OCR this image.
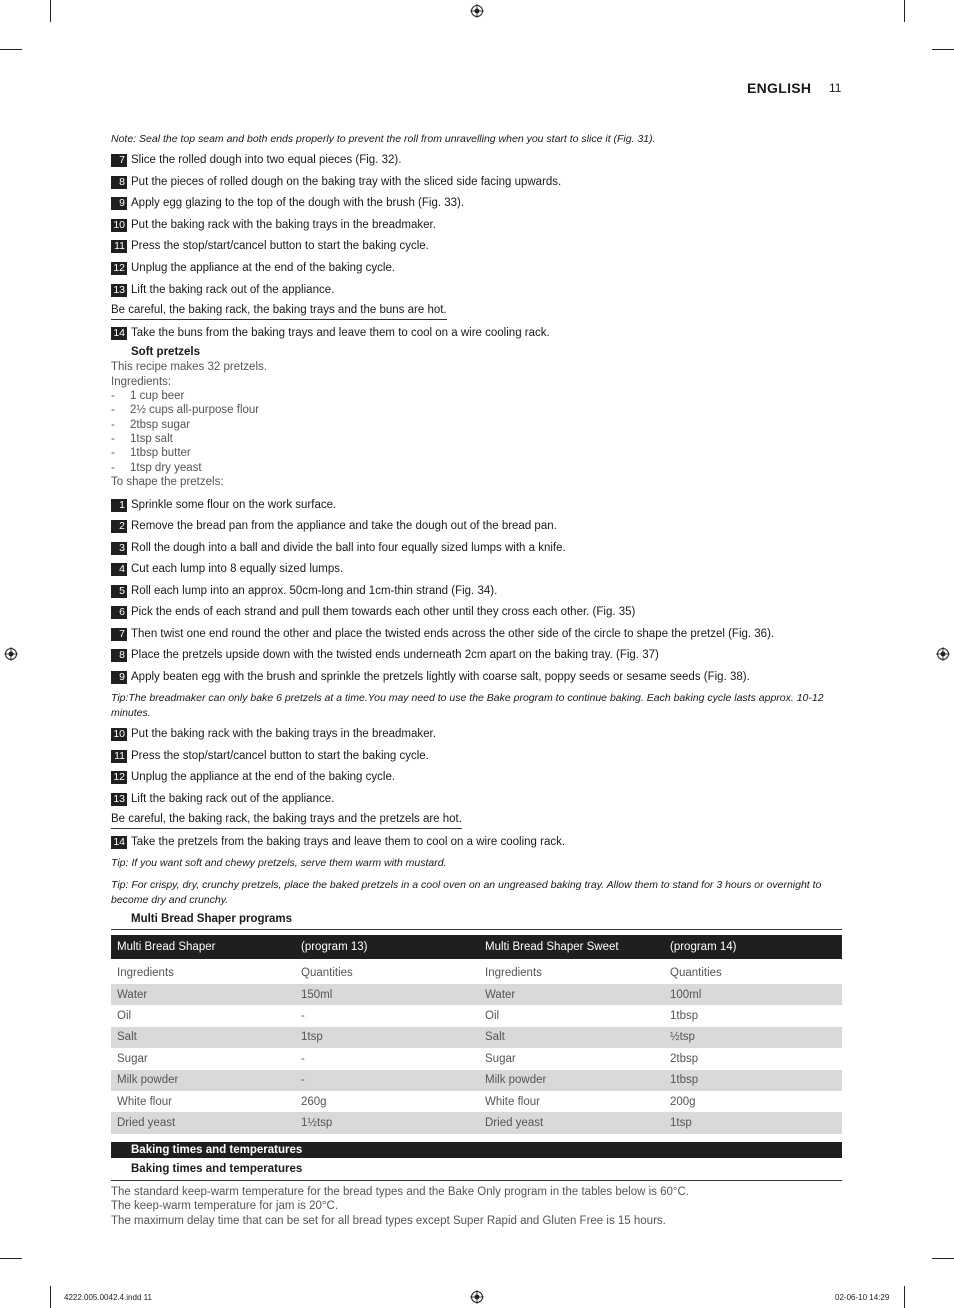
ENGLISH 11
Note: Seal the top seam and both ends properly to prevent the roll from unravelling when you start to slice it (Fig. 31).
7 Slice the rolled dough into two equal pieces (Fig. 32).
8 Put the pieces of rolled dough on the baking tray with the sliced side facing upwards.
9 Apply egg glazing to the top of the dough with the brush (Fig. 33).
10 Put the baking rack with the baking trays in the breadmaker.
11 Press the stop/start/cancel button to start the baking cycle.
12 Unplug the appliance at the end of the baking cycle.
13 Lift the baking rack out of the appliance.
Be careful, the baking rack, the baking trays and the buns are hot.
14 Take the buns from the baking trays and leave them to cool on a wire cooling rack.
Soft pretzels
This recipe makes 32 pretzels.
Ingredients:
- 1 cup beer
- 2½ cups all-purpose flour
- 2tbsp sugar
- 1tsp salt
- 1tbsp butter
- 1tsp dry yeast
To shape the pretzels:
1 Sprinkle some flour on the work surface.
2 Remove the bread pan from the appliance and take the dough out of the bread pan.
3 Roll the dough into a ball and divide the ball into four equally sized lumps with a knife.
4 Cut each lump into 8 equally sized lumps.
5 Roll each lump into an approx. 50cm-long and 1cm-thin strand (Fig. 34).
6 Pick the ends of each strand and pull them towards each other until they cross each other. (Fig. 35)
7 Then twist one end round the other and place the twisted ends across the other side of the circle to shape the pretzel (Fig. 36).
8 Place the pretzels upside down with the twisted ends underneath 2cm apart on the baking tray. (Fig. 37)
9 Apply beaten egg with the brush and sprinkle the pretzels lightly with coarse salt, poppy seeds or sesame seeds (Fig. 38).
Tip:The breadmaker can only bake 6 pretzels at a time.You may need to use the Bake program to continue baking. Each baking cycle lasts approx. 10-12 minutes.
10 Put the baking rack with the baking trays in the breadmaker.
11 Press the stop/start/cancel button to start the baking cycle.
12 Unplug the appliance at the end of the baking cycle.
13 Lift the baking rack out of the appliance.
Be careful, the baking rack, the baking trays and the pretzels are hot.
14 Take the pretzels from the baking trays and leave them to cool on a wire cooling rack.
Tip: If you want soft and chewy pretzels, serve them warm with mustard.
Tip: For crispy, dry, crunchy pretzels, place the baked pretzels in a cool oven on an ungreased baking tray. Allow them to stand for 3 hours or overnight to become dry and crunchy.
Multi Bread Shaper programs
Multi Bread Shaper	(program 13)	Multi Bread Shaper Sweet	(program 14)
Ingredients	Quantities	Ingredients	Quantities
Water	150ml	Water	100ml
Oil	-	Oil	1tbsp
Salt	1tsp	Salt	½tsp
Sugar	-	Sugar	2tbsp
Milk powder	-	Milk powder	1tbsp
White flour	260g	White flour	200g
Dried yeast	1½tsp	Dried yeast	1tsp
Baking times and temperatures
Baking times and temperatures
The standard keep-warm temperature for the bread types and the Bake Only program in the tables below is 60°C.
The keep-warm temperature for jam is 20°C.
The maximum delay time that can be set for all bread types except Super Rapid and Gluten Free is 15 hours.
4222.005.0042.4.indd 11	02-06-10 14:29
